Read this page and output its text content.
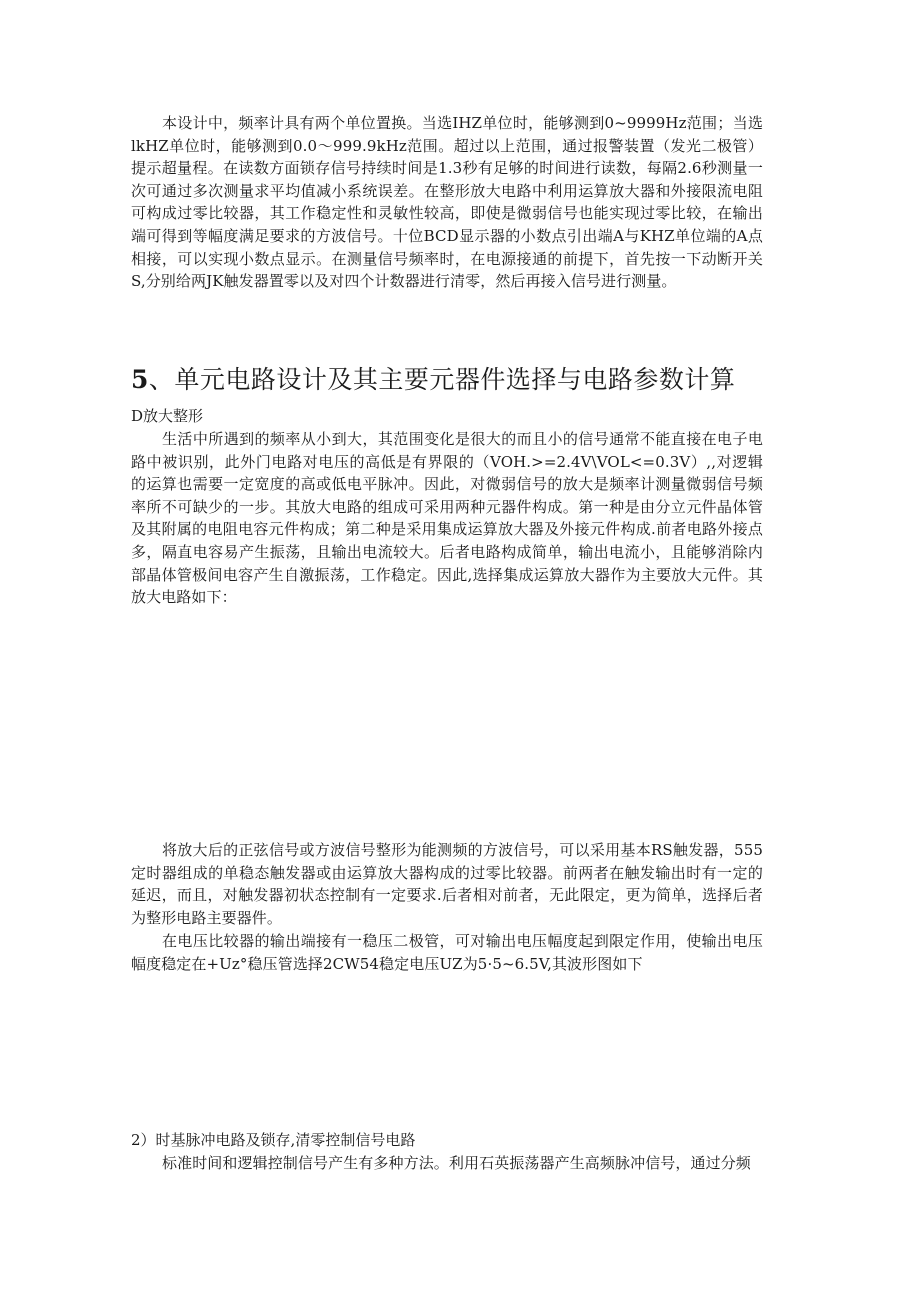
本设计中，频率计具有两个单位置换。当选IHZ单位时，能够测到0~9999Hz范围；当选lkHZ单位时，能够测到0.0～999.9kHz范围。超过以上范围，通过报警装置（发光二极管）提示超量程。在读数方面锁存信号持续时间是1.3秒有足够的时间进行读数，每隔2.6秒测量一次可通过多次测量求平均值减小系统误差。在整形放大电路中利用运算放大器和外接限流电阻可构成过零比较器，其工作稳定性和灵敏性较高，即使是微弱信号也能实现过零比较，在输出端可得到等幅度满足要求的方波信号。十位BCD显示器的小数点引出端A与KHZ单位端的A点相接，可以实现小数点显示。在测量信号频率时，在电源接通的前提下，首先按一下动断开关S,分别给两JK触发器置零以及对四个计数器进行清零，然后再接入信号进行测量。

5、单元电路设计及其主要元器件选择与电路参数计算

D放大整形

生活中所遇到的频率从小到大，其范围变化是很大的而且小的信号通常不能直接在电子电路中被识别，此外门电路对电压的高低是有界限的（VOH.>=2.4V\VOL<=0.3V）,,对逻辑的运算也需要一定宽度的高或低电平脉冲。因此，对微弱信号的放大是频率计测量微弱信号频率所不可缺少的一步。其放大电路的组成可采用两种元器件构成。第一种是由分立元件晶体管及其附属的电阻电容元件构成；第二种是采用集成运算放大器及外接元件构成.前者电路外接点多，隔直电容易产生振荡，且输出电流较大。后者电路构成简单，输出电流小，且能够消除内部晶体管极间电容产生自激振荡，工作稳定。因此,选择集成运算放大器作为主要放大元件。其放大电路如下：

将放大后的正弦信号或方波信号整形为能测频的方波信号，可以采用基本RS触发器，555定时器组成的单稳态触发器或由运算放大器构成的过零比较器。前两者在触发输出时有一定的延迟，而且，对触发器初状态控制有一定要求.后者相对前者，无此限定，更为简单，选择后者为整形电路主要器件。

在电压比较器的输出端接有一稳压二极管，可对输出电压幅度起到限定作用，使输出电压幅度稳定在+Uz°稳压管选择2CW54稳定电压UZ为5·5~6.5V,其波形图如下

2）时基脉冲电路及锁存,清零控制信号电路

标准时间和逻辑控制信号产生有多种方法。利用石英振荡器产生高频脉冲信号，通过分频
